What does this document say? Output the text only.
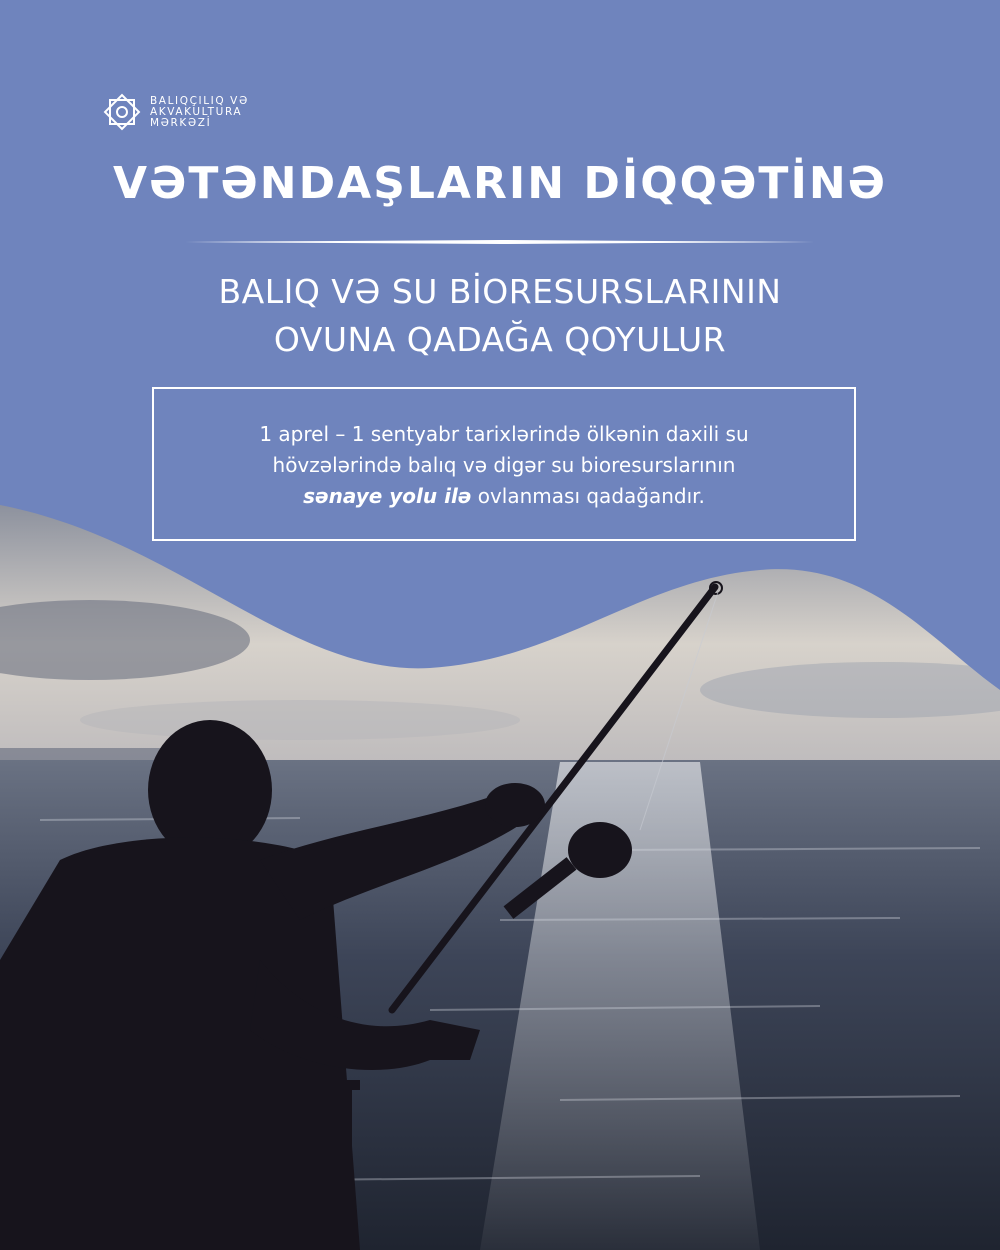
BALIQÇILIQ VƏ
AKVAKULTURA
MƏRKƏZİ
VƏTƏNDAŞLARIN DİQQƏTİNƏ
BALIQ VƏ SU BİORESURSLARININ
OVUNA QADAĞA QOYULUR
1 aprel – 1 sentyabr tarixlərində ölkənin daxili su
hövzələrində balıq və digər su bioresurslarının
sənaye yolu ilə ovlanması qadağandır.
